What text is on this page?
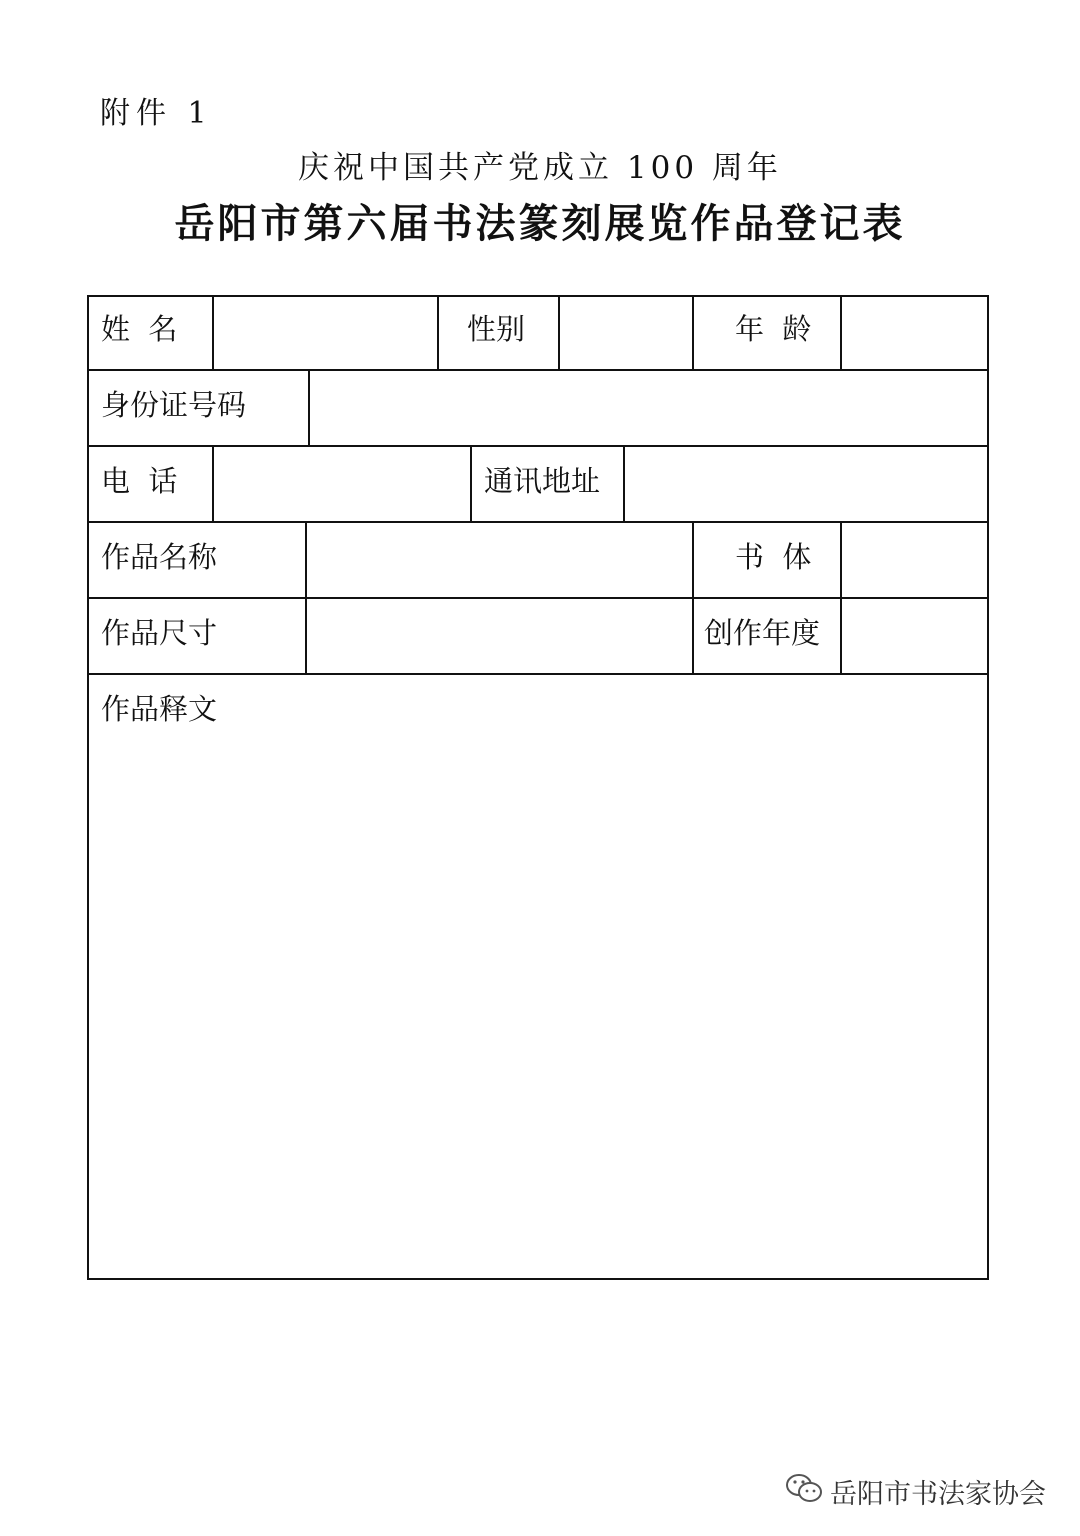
附件 1
庆祝中国共产党成立 100 周年
岳阳市第六届书法篆刻展览作品登记表
姓  名	性别	年  龄
身份证号码
电  话	通讯地址
作品名称	书  体
作品尺寸	创作年度
作品释文
岳阳市书法家协会
